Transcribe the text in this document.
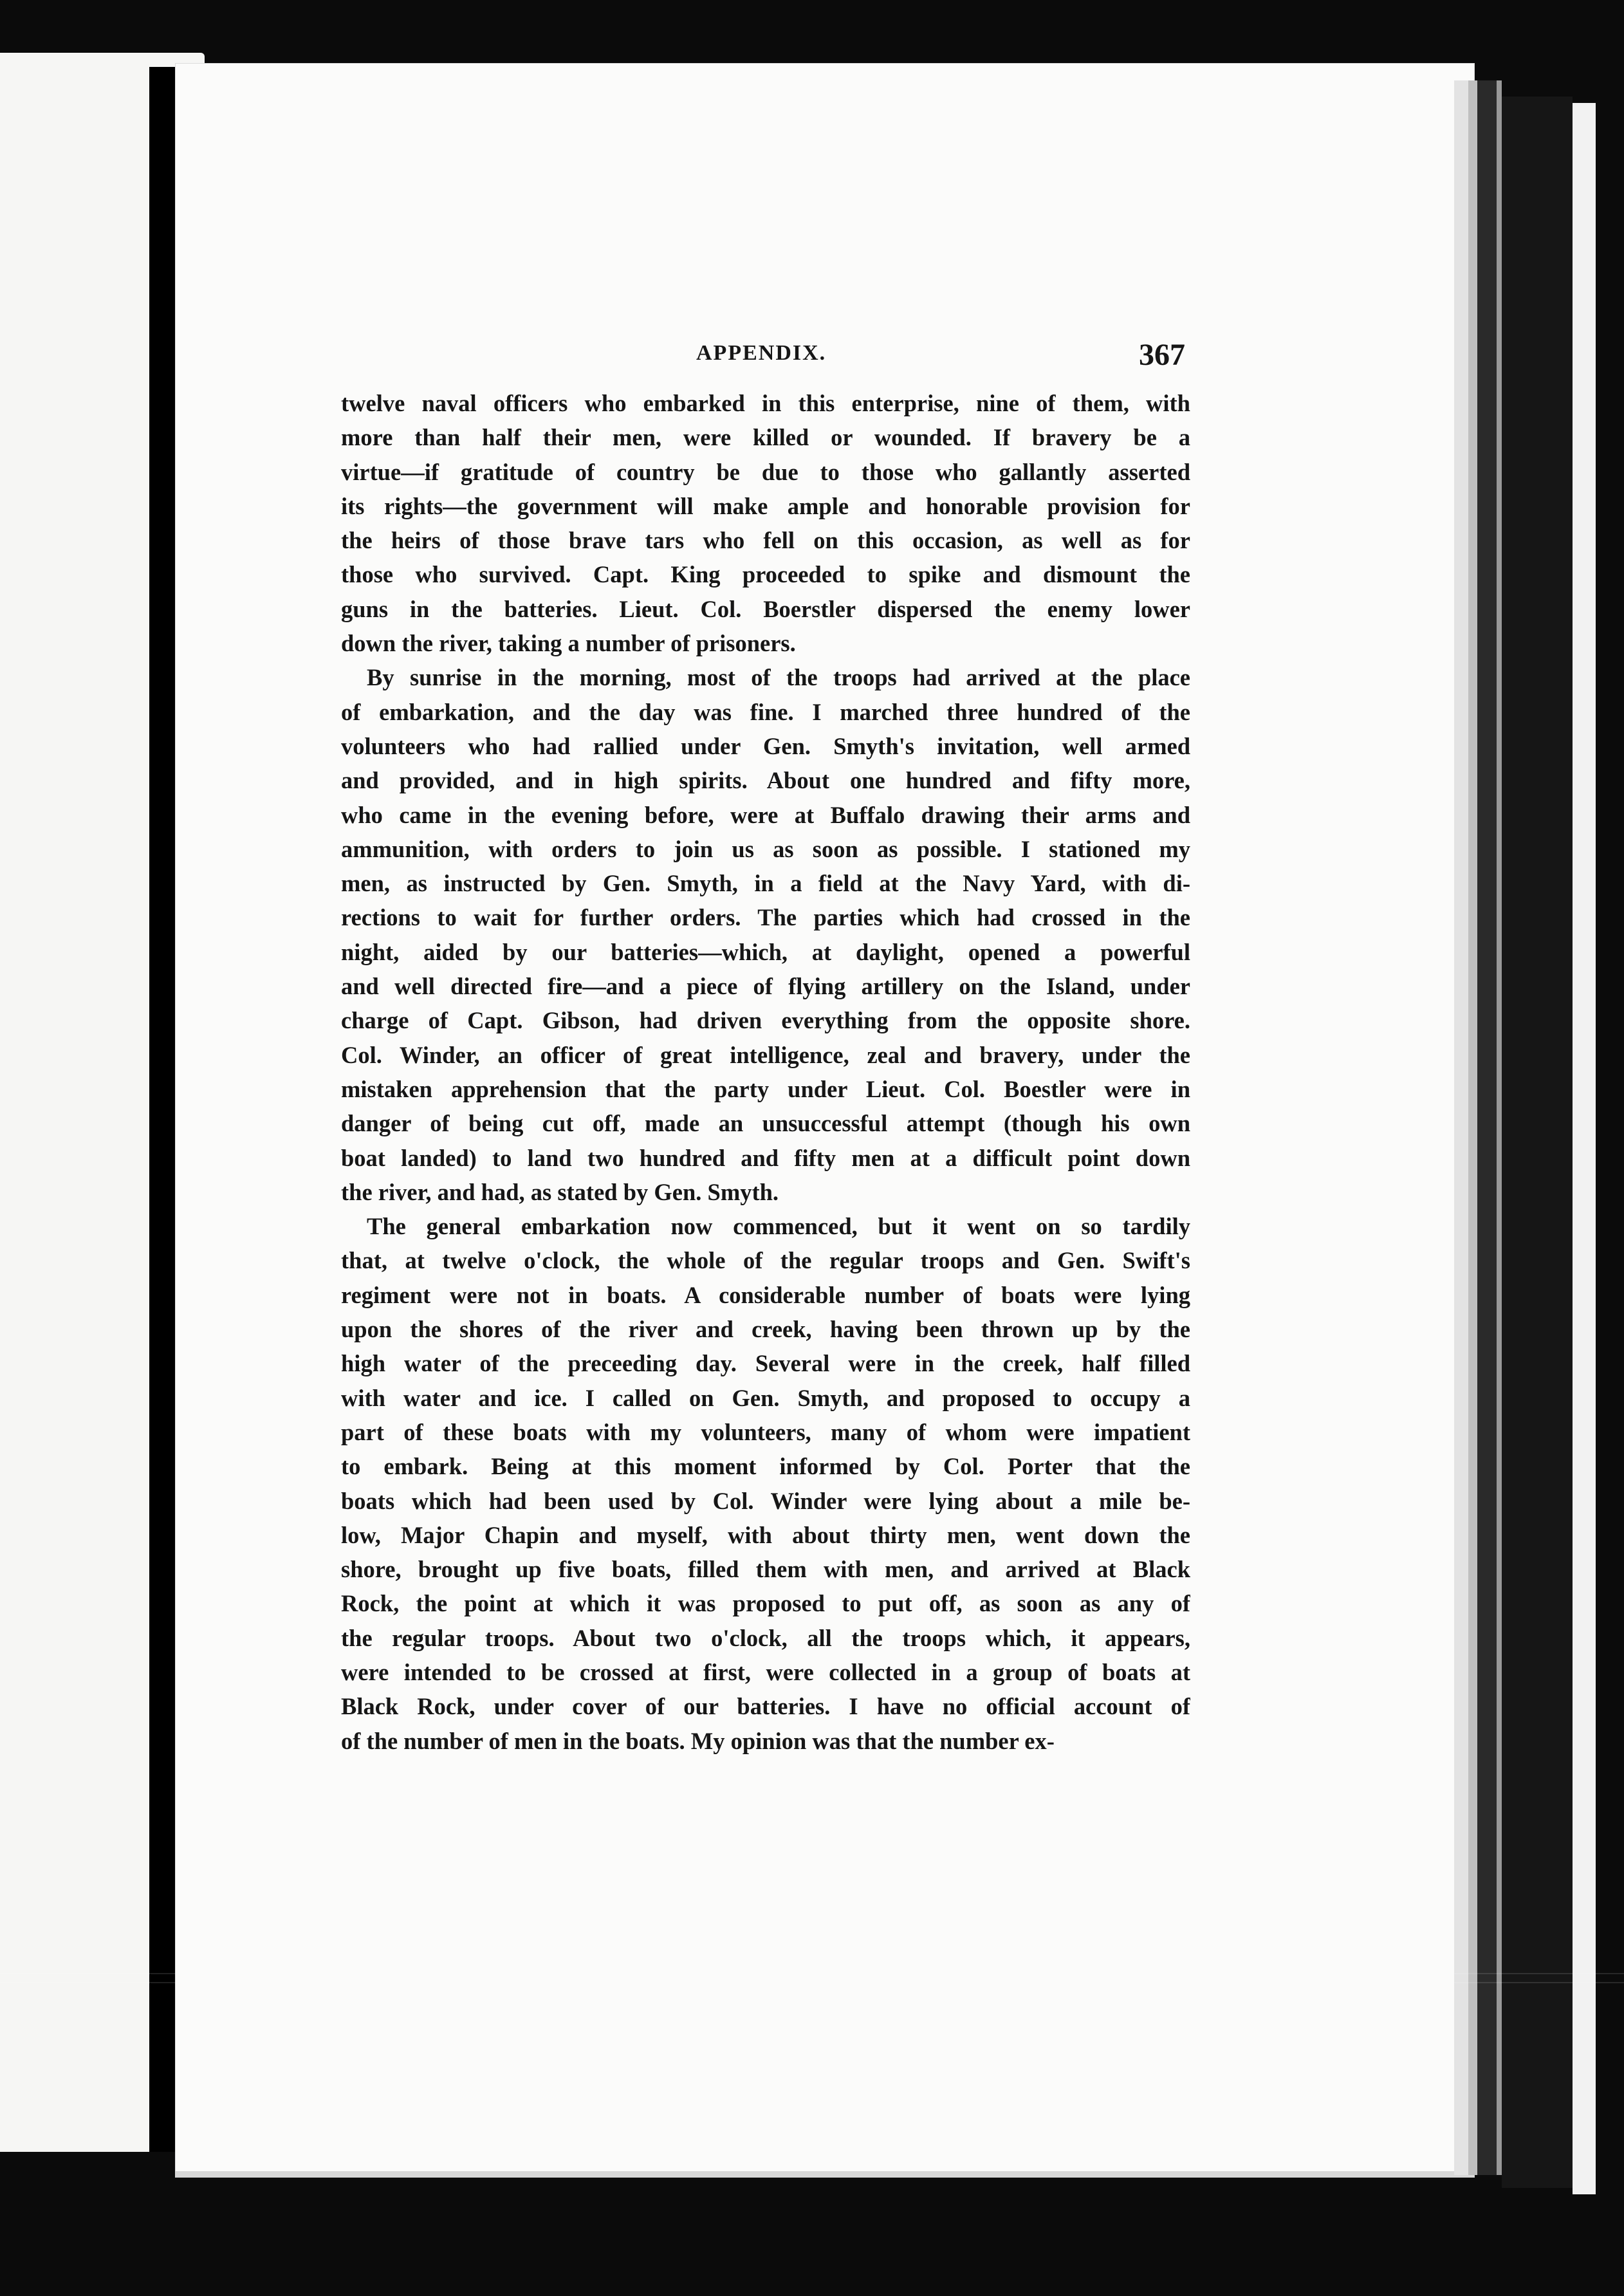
APPENDIX.	367
twelve naval officers who embarked in this enterprise, nine of them, with
more than half their men, were killed or wounded. If bravery be a
virtue—if gratitude of country be due to those who gallantly asserted
its rights—the government will make ample and honorable provision for
the heirs of those brave tars who fell on this occasion, as well as for
those who survived. Capt. King proceeded to spike and dismount the
guns in the batteries. Lieut. Col. Boerstler dispersed the enemy lower
down the river, taking a number of prisoners.
By sunrise in the morning, most of the troops had arrived at the place
of embarkation, and the day was fine. I marched three hundred of the
volunteers who had rallied under Gen. Smyth's invitation, well armed
and provided, and in high spirits. About one hundred and fifty more,
who came in the evening before, were at Buffalo drawing their arms and
ammunition, with orders to join us as soon as possible. I stationed my
men, as instructed by Gen. Smyth, in a field at the Navy Yard, with di-
rections to wait for further orders. The parties which had crossed in the
night, aided by our batteries—which, at daylight, opened a powerful
and well directed fire—and a piece of flying artillery on the Island, under
charge of Capt. Gibson, had driven everything from the opposite shore.
Col. Winder, an officer of great intelligence, zeal and bravery, under the
mistaken apprehension that the party under Lieut. Col. Boestler were in
danger of being cut off, made an unsuccessful attempt (though his own
boat landed) to land two hundred and fifty men at a difficult point down
the river, and had, as stated by Gen. Smyth.
The general embarkation now commenced, but it went on so tardily
that, at twelve o'clock, the whole of the regular troops and Gen. Swift's
regiment were not in boats. A considerable number of boats were lying
upon the shores of the river and creek, having been thrown up by the
high water of the preceeding day. Several were in the creek, half filled
with water and ice. I called on Gen. Smyth, and proposed to occupy a
part of these boats with my volunteers, many of whom were impatient
to embark. Being at this moment informed by Col. Porter that the
boats which had been used by Col. Winder were lying about a mile be-
low, Major Chapin and myself, with about thirty men, went down the
shore, brought up five boats, filled them with men, and arrived at Black
Rock, the point at which it was proposed to put off, as soon as any of
the regular troops. About two o'clock, all the troops which, it appears,
were intended to be crossed at first, were collected in a group of boats at
Black Rock, under cover of our batteries. I have no official account of
of the number of men in the boats. My opinion was that the number ex-
